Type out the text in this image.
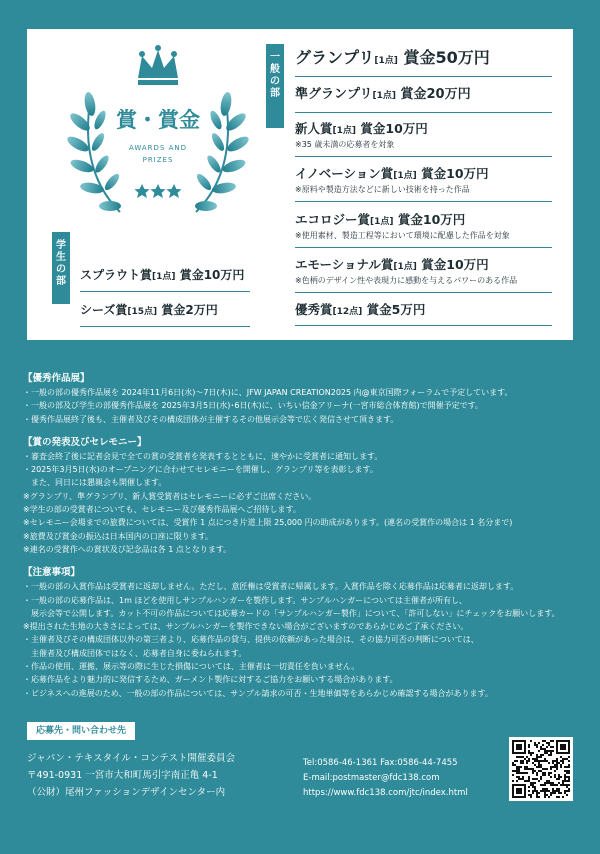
賞・賞金
AWARDS AND
PRIZES
一般の部
学生の部
グランプリ[1点] 賞金50万円
準グランプリ[1点] 賞金20万円
新人賞[1点] 賞金10万円
※35 歳未満の応募者を対象
イノベーション賞[1点] 賞金10万円
※原料や製造方法などに新しい技術を持った作品
エコロジー賞[1点] 賞金10万円
※使用素材、製造工程等において環境に配慮した作品を対象
エモーショナル賞[1点] 賞金10万円
※色柄のデザイン性や表現力に感動を与えるパワーのある作品
優秀賞[12点] 賞金5万円
スプラウト賞[1点] 賞金10万円
シーズ賞[15点] 賞金2万円
【優秀作品展】
・一般の部の優秀作品展を 2024年11月6日(水)〜7日(木)に、JFW JAPAN CREATION2025 内@東京国際フォーラムで予定しています。
・一般の部及び学生の部優秀作品展を 2025年3月5日(水)･6日(木)に、いちい信金アリーナ(一宮市総合体育館)で開催予定です。
・優秀作品展終了後も、主催者及びその構成団体が主催するその他展示会等で広く発信させて頂きます。
【賞の発表及びセレモニー】
・審査会終了後に記者会見で全ての賞の受賞者を発表するとともに、速やかに受賞者に通知します。
・2025年3月5日(水)のオープニングに合わせてセレモニーを開催し、グランプリ等を表彰します。
　また、同日には懇親会も開催します。
※グランプリ、準グランプリ、新人賞受賞者はセレモニーに必ずご出席ください。
※学生の部の受賞者についても、セレモニー及び優秀作品展へご招待します。
※セレモニー会場までの旅費については、受賞作 1 点につき片道上限 25,000 円の助成があります。(連名の受賞作の場合は 1 名分まで)
※旅費及び賞金の振込は日本国内の口座に限ります。
※連名の受賞作への賞状及び記念品は各 1 点となります。
【注意事項】
・一般の部の入賞作品は受賞者に返却しません。ただし、意匠権は受賞者に帰属します。入賞作品を除く応募作品は応募者に返却します。
・一般の部の応募作品は、1m ほどを使用しサンプルハンガーを製作します。サンプルハンガーについては主催者が所有し、
　展示会等で公開します。カット不可の作品については応募カードの「サンプルハンガー製作」について、「許可しない」にチェックをお願いします。
※提出された生地の大きさによっては、サンプルハンガーを製作できない場合がございますのであらかじめご了承ください。
・主催者及びその構成団体以外の第三者より、応募作品の貸与、提供の依頼があった場合は、その協力可否の判断については、
　主催者及び構成団体ではなく、応募者自身に委ねられます。
・作品の使用、運搬、展示等の際に生じた損傷については、主催者は一切責任を負いません。
・応募作品をより魅力的に発信するため、ガーメント製作に対するご協力をお願いする場合があります。
・ビジネスへの進展のため、一般の部の作品については、サンプル請求の可否・生地単価等をあらかじめ確認する場合があります。
応募先・問い合わせ先
ジャパン・テキスタイル・コンテスト開催委員会
〒491-0931 一宮市大和町馬引字南正亀 4-1
（公財）尾州ファッションデザインセンター内
Tel:0586-46-1361 Fax:0586-44-7455
E-mail:postmaster@fdc138.com
https://www.fdc138.com/jtc/index.html
